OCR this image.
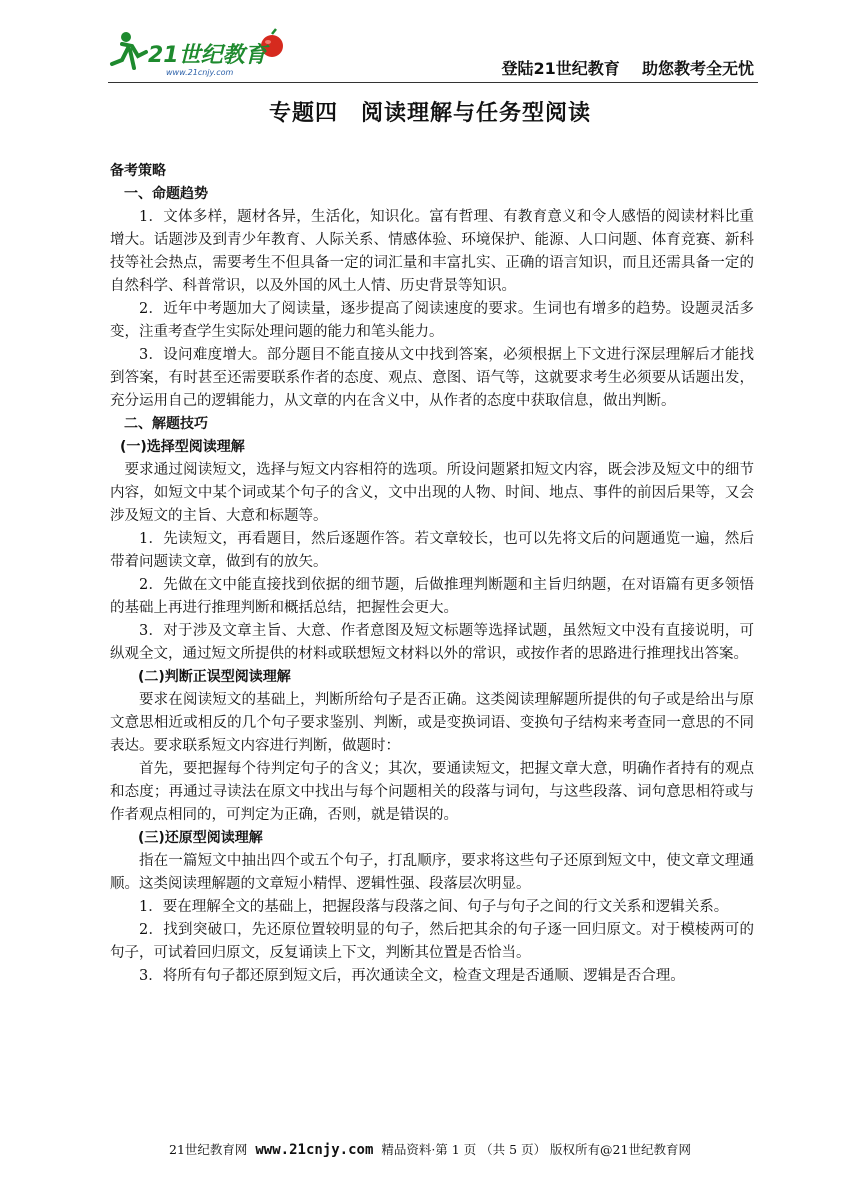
21世纪教育
www.21cnjy.com	登陆21世纪教育    助您教考全无忧
专题四　阅读理解与任务型阅读

备考策略

一、命题趋势

1．文体多样，题材各异，生活化，知识化。富有哲理、有教育意义和令人感悟的阅读材料比重增大。话题涉及到青少年教育、人际关系、情感体验、环境保护、能源、人口问题、体育竞赛、新科技等社会热点，需要考生不但具备一定的词汇量和丰富扎实、正确的语言知识，而且还需具备一定的自然科学、科普常识，以及外国的风土人情、历史背景等知识。

2．近年中考题加大了阅读量，逐步提高了阅读速度的要求。生词也有增多的趋势。设题灵活多变，注重考查学生实际处理问题的能力和笔头能力。

3．设问难度增大。部分题目不能直接从文中找到答案，必须根据上下文进行深层理解后才能找到答案，有时甚至还需要联系作者的态度、观点、意图、语气等，这就要求考生必须要从话题出发，充分运用自己的逻辑能力，从文章的内在含义中，从作者的态度中获取信息，做出判断。

二、解题技巧

(一)选择型阅读理解

要求通过阅读短文，选择与短文内容相符的选项。所设问题紧扣短文内容，既会涉及短文中的细节内容，如短文中某个词或某个句子的含义，文中出现的人物、时间、地点、事件的前因后果等，又会涉及短文的主旨、大意和标题等。

1．先读短文，再看题目，然后逐题作答。若文章较长，也可以先将文后的问题通览一遍，然后带着问题读文章，做到有的放矢。

2．先做在文中能直接找到依据的细节题，后做推理判断题和主旨归纳题，在对语篇有更多领悟的基础上再进行推理判断和概括总结，把握性会更大。

3．对于涉及文章主旨、大意、作者意图及短文标题等选择试题，虽然短文中没有直接说明，可纵观全文，通过短文所提供的材料或联想短文材料以外的常识，或按作者的思路进行推理找出答案。

(二)判断正误型阅读理解

要求在阅读短文的基础上，判断所给句子是否正确。这类阅读理解题所提供的句子或是给出与原文意思相近或相反的几个句子要求鉴别、判断，或是变换词语、变换句子结构来考查同一意思的不同表达。要求联系短文内容进行判断，做题时：

首先，要把握每个待判定句子的含义；其次，要通读短文，把握文章大意，明确作者持有的观点和态度；再通过寻读法在原文中找出与每个问题相关的段落与词句，与这些段落、词句意思相符或与作者观点相同的，可判定为正确，否则，就是错误的。

(三)还原型阅读理解

指在一篇短文中抽出四个或五个句子，打乱顺序，要求将这些句子还原到短文中，使文章文理通顺。这类阅读理解题的文章短小精悍、逻辑性强、段落层次明显。

1．要在理解全文的基础上，把握段落与段落之间、句子与句子之间的行文关系和逻辑关系。

2．找到突破口，先还原位置较明显的句子，然后把其余的句子逐一回归原文。对于模棱两可的句子，可试着回归原文，反复诵读上下文，判断其位置是否恰当。

3．将所有句子都还原到短文后，再次通读全文，检查文理是否通顺、逻辑是否合理。

21世纪教育网  www.21cnjy.com  精品资料·第 1 页 （共 5 页） 版权所有@21世纪教育网
